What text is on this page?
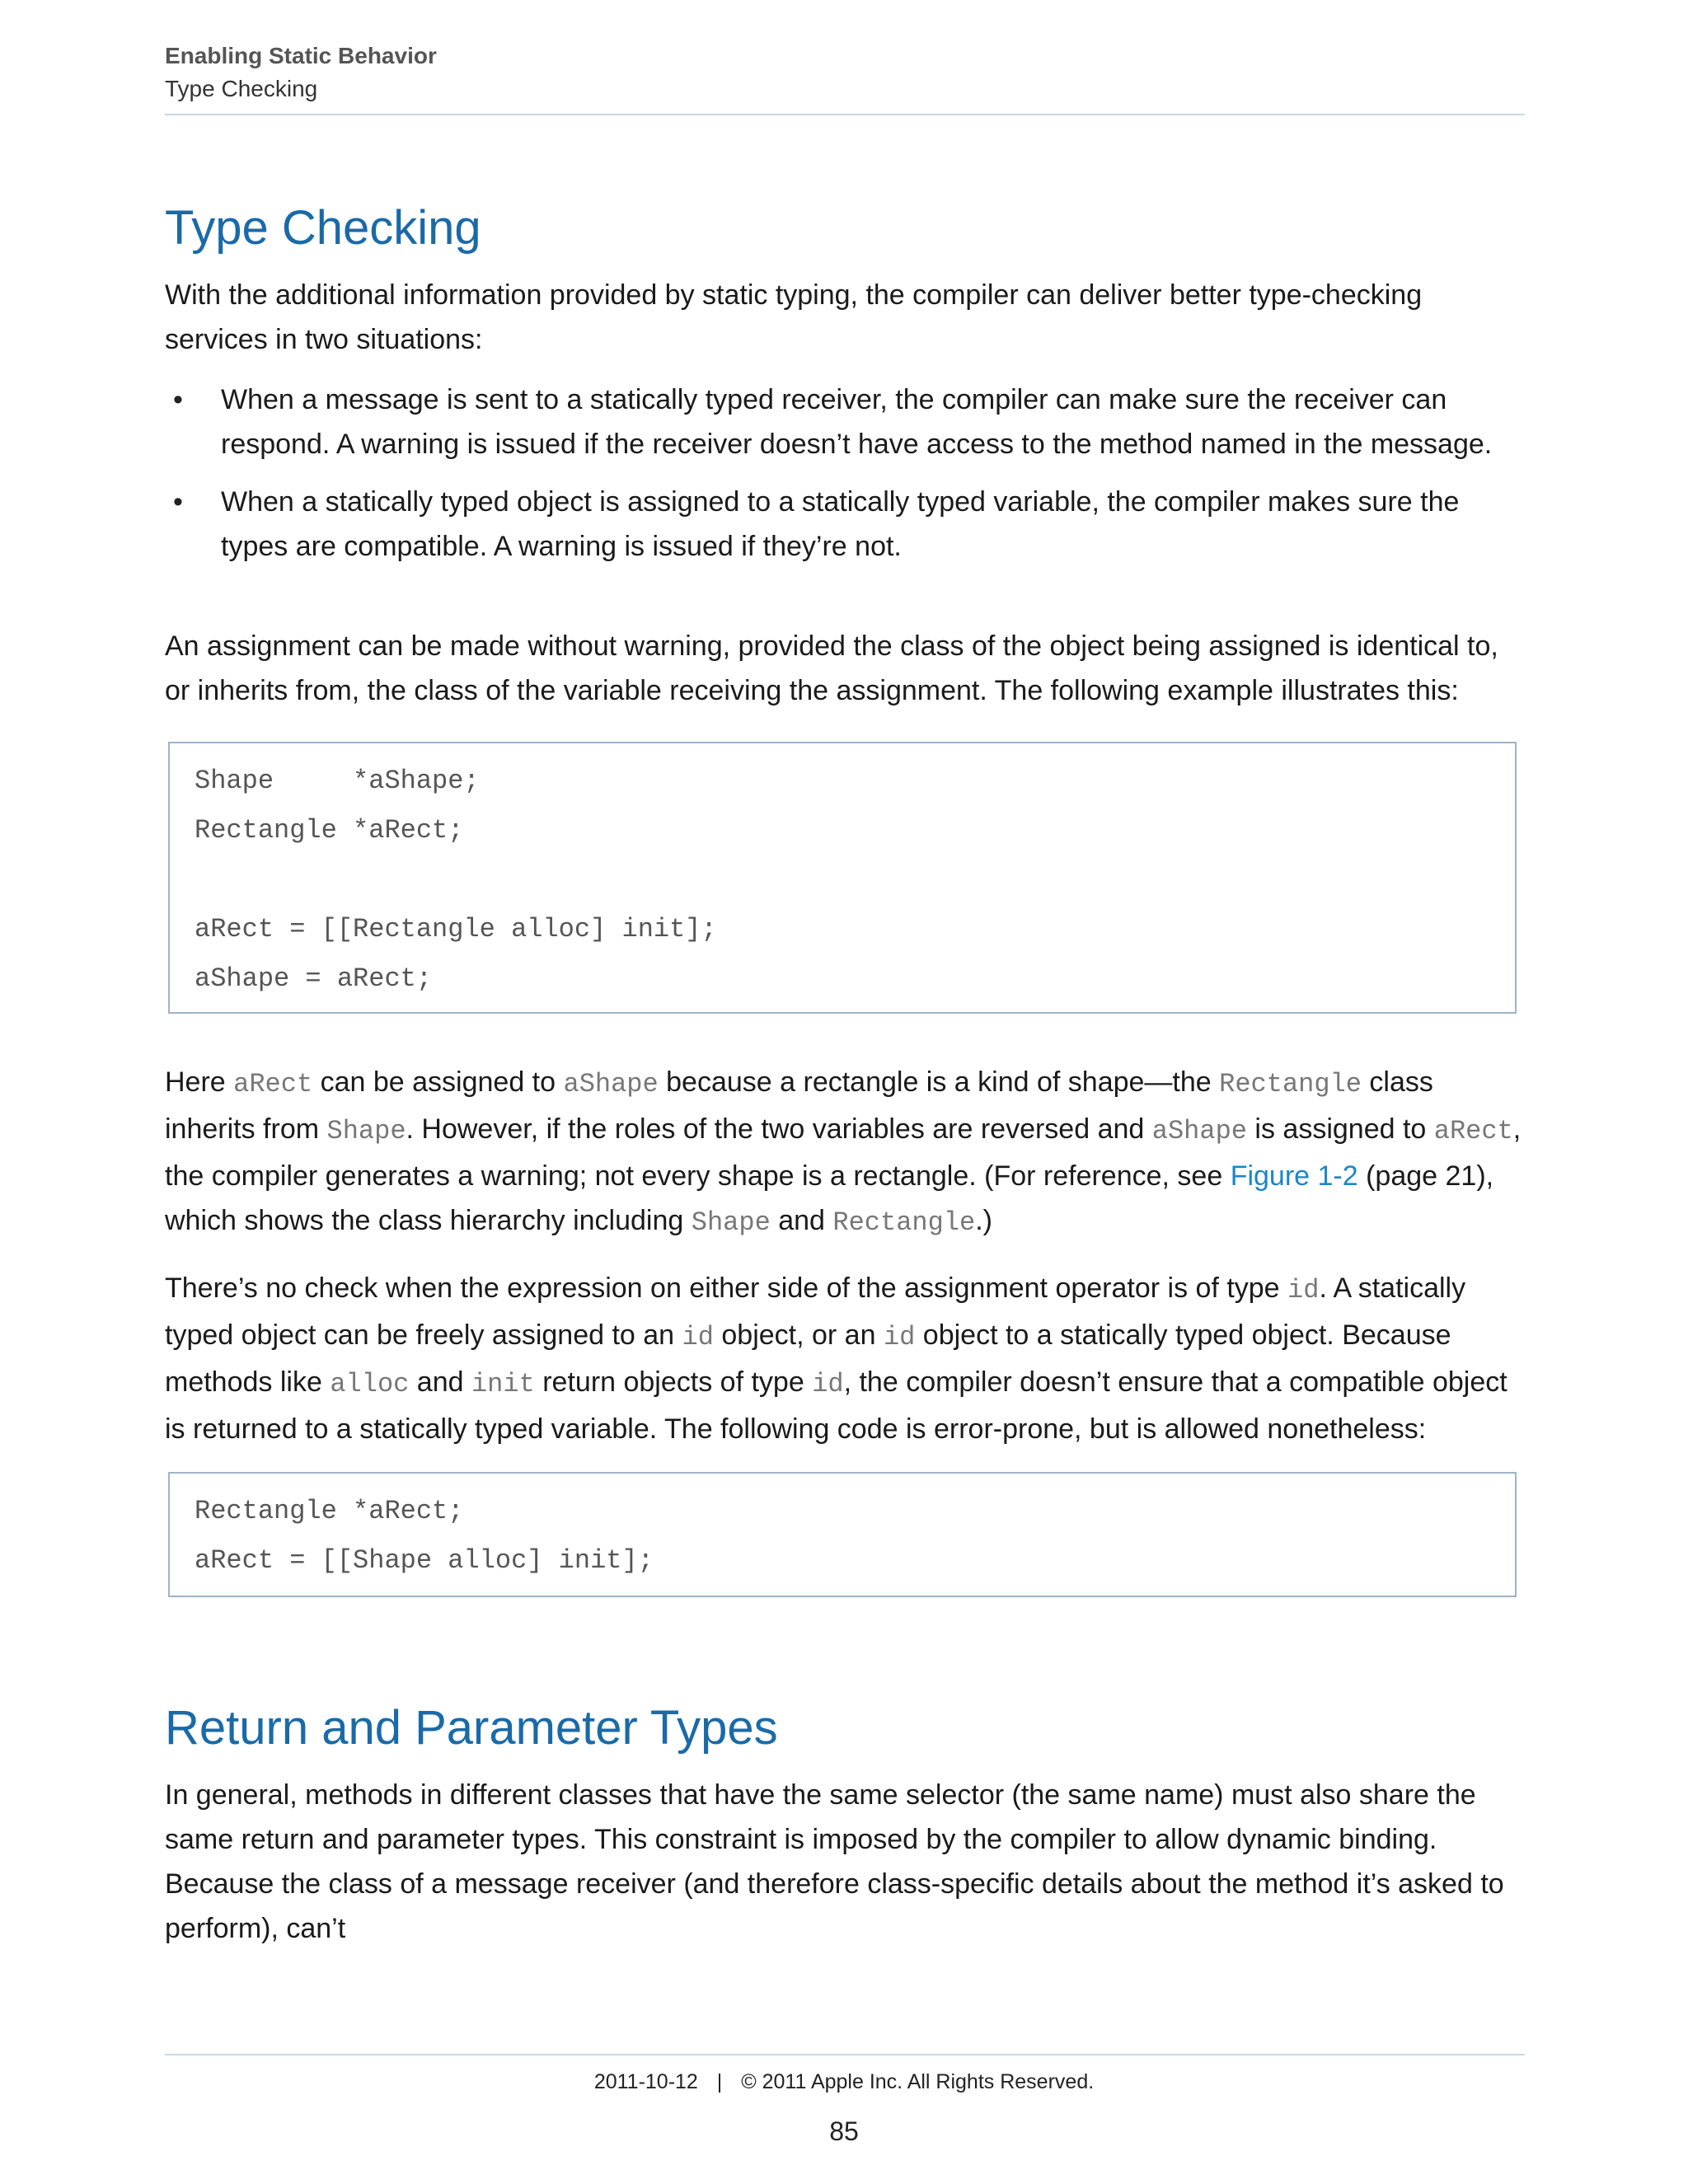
Enabling Static Behavior
Type Checking
Type Checking

With the additional information provided by static typing, the compiler can deliver better type-checking services in two situations:

• When a message is sent to a statically typed receiver, the compiler can make sure the receiver can respond. A warning is issued if the receiver doesn’t have access to the method named in the message.
• When a statically typed object is assigned to a statically typed variable, the compiler makes sure the types are compatible. A warning is issued if they’re not.

An assignment can be made without warning, provided the class of the object being assigned is identical to, or inherits from, the class of the variable receiving the assignment. The following example illustrates this:

Shape     *aShape;
Rectangle *aRect;
aRect = [[Rectangle alloc] init];
aShape = aRect;

Here aRect can be assigned to aShape because a rectangle is a kind of shape—the Rectangle class inherits from Shape. However, if the roles of the two variables are reversed and aShape is assigned to aRect, the compiler generates a warning; not every shape is a rectangle. (For reference, see Figure 1-2 (page 21), which shows the class hierarchy including Shape and Rectangle.)

There’s no check when the expression on either side of the assignment operator is of type id. A statically typed object can be freely assigned to an id object, or an id object to a statically typed object. Because methods like alloc and init return objects of type id, the compiler doesn’t ensure that a compatible object is returned to a statically typed variable. The following code is error-prone, but is allowed nonetheless:

Rectangle *aRect;
aRect = [[Shape alloc] init];
Return and Parameter Types

In general, methods in different classes that have the same selector (the same name) must also share the same return and parameter types. This constraint is imposed by the compiler to allow dynamic binding. Because the class of a message receiver (and therefore class-specific details about the method it’s asked to perform), can’t

2011-10-12 | © 2011 Apple Inc. All Rights Reserved.
85
